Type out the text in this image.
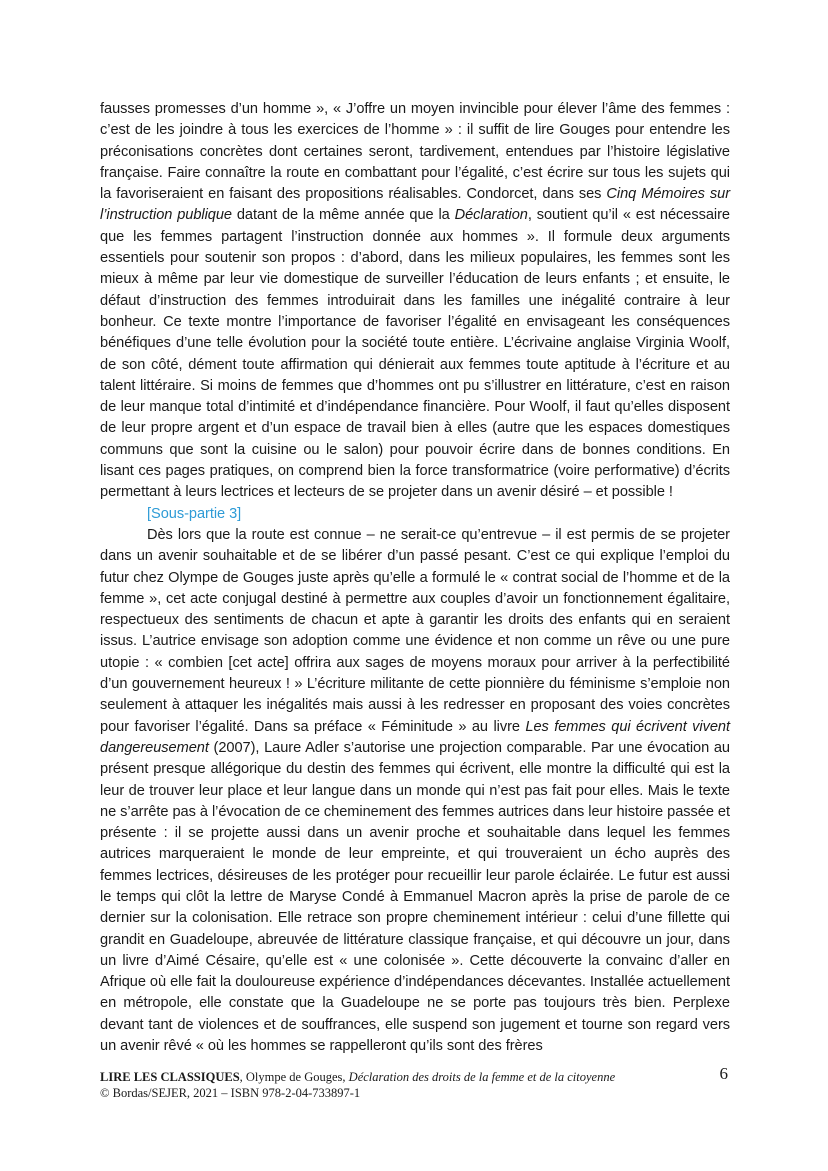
fausses promesses d’un homme », « J’offre un moyen invincible pour élever l’âme des femmes : c’est de les joindre à tous les exercices de l’homme » : il suffit de lire Gouges pour entendre les préconisations concrètes dont certaines seront, tardivement, entendues par l’histoire législative française. Faire connaître la route en combattant pour l’égalité, c’est écrire sur tous les sujets qui la favoriseraient en faisant des propositions réalisables. Condorcet, dans ses Cinq Mémoires sur l’instruction publique datant de la même année que la Déclaration, soutient qu’il « est nécessaire que les femmes partagent l’instruction donnée aux hommes ». Il formule deux arguments essentiels pour soutenir son propos : d’abord, dans les milieux populaires, les femmes sont les mieux à même par leur vie domestique de surveiller l’éducation de leurs enfants ; et ensuite, le défaut d’instruction des femmes introduirait dans les familles une inégalité contraire à leur bonheur. Ce texte montre l’importance de favoriser l’égalité en envisageant les conséquences bénéfiques d’une telle évolution pour la société toute entière. L’écrivaine anglaise Virginia Woolf, de son côté, dément toute affirmation qui dénierait aux femmes toute aptitude à l’écriture et au talent littéraire. Si moins de femmes que d’hommes ont pu s’illustrer en littérature, c’est en raison de leur manque total d’intimité et d’indépendance financière. Pour Woolf, il faut qu’elles disposent de leur propre argent et d’un espace de travail bien à elles (autre que les espaces domestiques communs que sont la cuisine ou le salon) pour pouvoir écrire dans de bonnes conditions. En lisant ces pages pratiques, on comprend bien la force transformatrice (voire performative) d’écrits permettant à leurs lectrices et lecteurs de se projeter dans un avenir désiré – et possible !

[Sous-partie 3]

Dès lors que la route est connue – ne serait-ce qu’entrevue – il est permis de se projeter dans un avenir souhaitable et de se libérer d’un passé pesant. C’est ce qui explique l’emploi du futur chez Olympe de Gouges juste après qu’elle a formulé le « contrat social de l’homme et de la femme », cet acte conjugal destiné à permettre aux couples d’avoir un fonctionnement égalitaire, respectueux des sentiments de chacun et apte à garantir les droits des enfants qui en seraient issus. L’autrice envisage son adoption comme une évidence et non comme un rêve ou une pure utopie : « combien [cet acte] offrira aux sages de moyens moraux pour arriver à la perfectibilité d’un gouvernement heureux ! » L’écriture militante de cette pionnière du féminisme s’emploie non seulement à attaquer les inégalités mais aussi à les redresser en proposant des voies concrètes pour favoriser l’égalité. Dans sa préface « Féminitude » au livre Les femmes qui écrivent vivent dangereusement (2007), Laure Adler s’autorise une projection comparable. Par une évocation au présent presque allégorique du destin des femmes qui écrivent, elle montre la difficulté qui est la leur de trouver leur place et leur langue dans un monde qui n’est pas fait pour elles. Mais le texte ne s’arrête pas à l’évocation de ce cheminement des femmes autrices dans leur histoire passée et présente : il se projette aussi dans un avenir proche et souhaitable dans lequel les femmes autrices marqueraient le monde de leur empreinte, et qui trouveraient un écho auprès des femmes lectrices, désireuses de les protéger pour recueillir leur parole éclairée. Le futur est aussi le temps qui clôt la lettre de Maryse Condé à Emmanuel Macron après la prise de parole de ce dernier sur la colonisation. Elle retrace son propre cheminement intérieur : celui d’une fillette qui grandit en Guadeloupe, abreuvée de littérature classique française, et qui découvre un jour, dans un livre d’Aimé Césaire, qu’elle est « une colonisée ». Cette découverte la convainc d’aller en Afrique où elle fait la douloureuse expérience d’indépendances décevantes. Installée actuellement en métropole, elle constate que la Guadeloupe ne se porte pas toujours très bien. Perplexe devant tant de violences et de souffrances, elle suspend son jugement et tourne son regard vers un avenir rêvé « où les hommes se rappelleront qu’ils sont des frères

LIRE LES CLASSIQUES, Olympe de Gouges, Déclaration des droits de la femme et de la citoyenne	6
© Bordas/SEJER, 2021 – ISBN 978-2-04-733897-1
